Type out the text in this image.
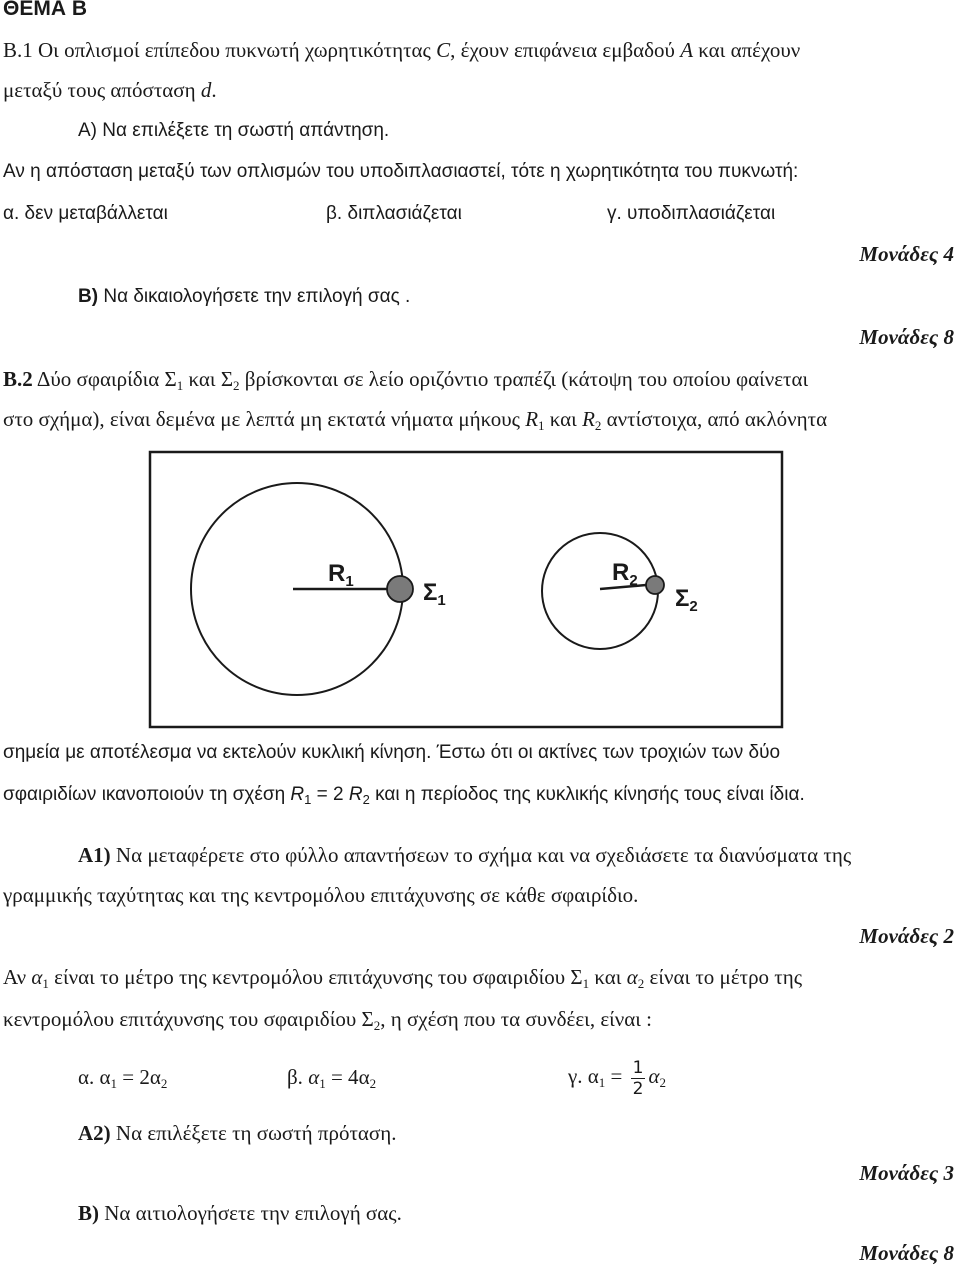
ΘΕΜΑ Β
Β.1 Οι οπλισμοί επίπεδου πυκνωτή χωρητικότητας C, έχουν επιφάνεια εμβαδού A και απέχουν
μεταξύ τους απόσταση d.
A) Να επιλέξετε τη σωστή απάντηση.
Αν η απόσταση μεταξύ των οπλισμών του υποδιπλασιαστεί, τότε η χωρητικότητα του πυκνωτή:
α. δεν μεταβάλλεται	β. διπλασιάζεται	γ. υποδιπλασιάζεται
Μονάδες 4
B) Να δικαιολογήσετε την επιλογή σας .
Μονάδες 8
Β.2 Δύο σφαιρίδια $\Sigma_1$ και $\Sigma_2$ βρίσκονται σε λείο οριζόντιο τραπέζι (κάτοψη του οποίου φαίνεται
στο σχήμα), είναι δεμένα με λεπτά μη εκτατά νήματα μήκους $R_1$ και $R_2$ αντίστοιχα, από ακλόνητα
$R_1$	$\Sigma_1$
$R_2$
$\Sigma_2$
σημεία με αποτέλεσμα να εκτελούν κυκλική κίνηση. Έστω ότι οι ακτίνες των τροχιών των δύο
σφαιριδίων ικανοποιούν τη σχέση $R_1 = 2$ $R_2$ και η περίοδος της κυκλικής κίνησής τους είναι ίδια.
Α1) Να μεταφέρετε στο φύλλο απαντήσεων το σχήμα και να σχεδιάσετε τα διανύσματα της
γραμμικής ταχύτητας και της κεντρομόλου επιτάχυνσης σε κάθε σφαιρίδιο.
Μονάδες 2
Αν $\alpha_1$ είναι το μέτρο της κεντρομόλου επιτάχυνσης του σφαιριδίου $\Sigma_1$ και $\alpha_2$ είναι το μέτρο της
κεντρομόλου επιτάχυνσης του σφαιριδίου $\Sigma_2$, η σχέση που τα συνδέει, είναι :
α. $\alpha_1 = 2\alpha_2$	β. $\alpha_1 = 4\alpha_2$	γ. $\alpha_1 = \frac{1}{2} \alpha_2$
Α2) Να επιλέξετε τη σωστή πρόταση.
Μονάδες 3
Β) Να αιτιολογήσετε την επιλογή σας.
Μονάδες 8
